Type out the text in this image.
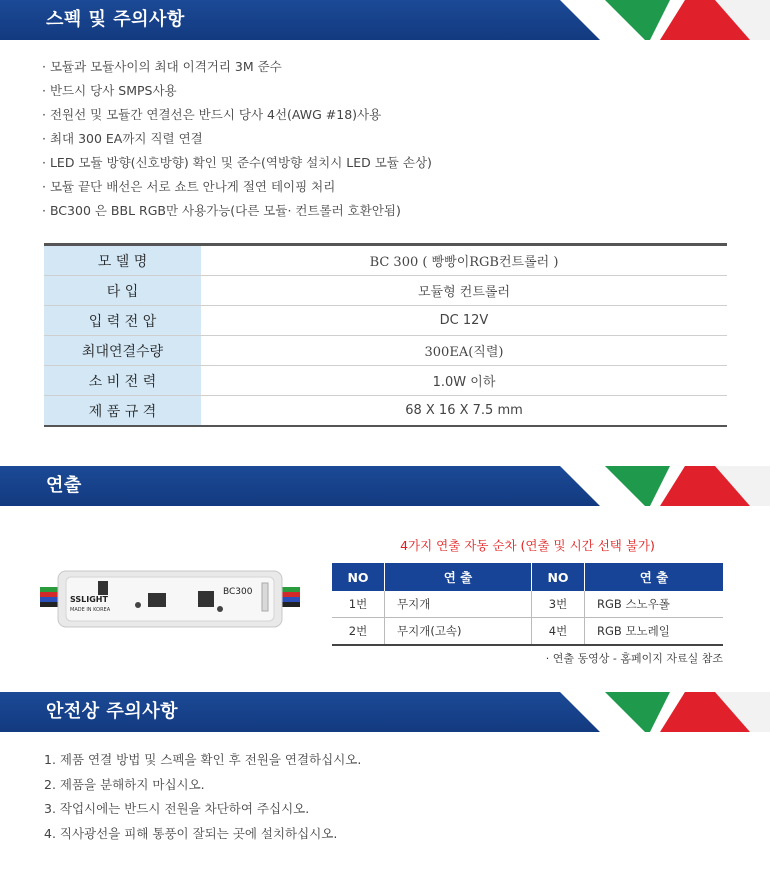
스펙 및 주의사항
· 모듈과 모듈사이의 최대 이격거리 3M 준수
· 반드시 당사 SMPS사용
· 전원선 및 모듈간 연결선은 반드시 당사 4선(AWG #18)사용
· 최대 300 EA까지 직렬 연결
· LED 모듈 방향(신호방향) 확인 및 준수(역방향 설치시 LED 모듈 손상)
· 모듈 끝단 배선은 서로 쇼트 안나게 절연 테이핑 처리
· BC300 은 BBL RGB만 사용가능(다른 모듈· 컨트롤러 호환안됨)
모 델 명	BC 300 ( 빵빵이RGB컨트롤러 )
타 입	모듈형 컨트롤러
입 력 전 압	DC 12V
최대연결수량	300EA(직렬)
소 비 전 력	1.0W 이하
제 품 규 격	68 X 16 X 7.5 mm
연출
SSLIGHT
MADE IN KOREA
BC300
4가지 연출 자동 순차 (연출 및 시간 선택 불가)
NO	연 출	NO	연 출
1번	무지개	3번	RGB 스노우폴
2번	무지개(고속)	4번	RGB 모노레일
· 연출 동영상 - 홈페이지 자료실 참조
안전상 주의사항
1. 제품 연결 방법 및 스펙을 확인 후 전원을 연결하십시오.
2. 제품을 분해하지 마십시오.
3. 작업시에는 반드시 전원을 차단하여 주십시오.
4. 직사광선을 피해 통풍이 잘되는 곳에 설치하십시오.
